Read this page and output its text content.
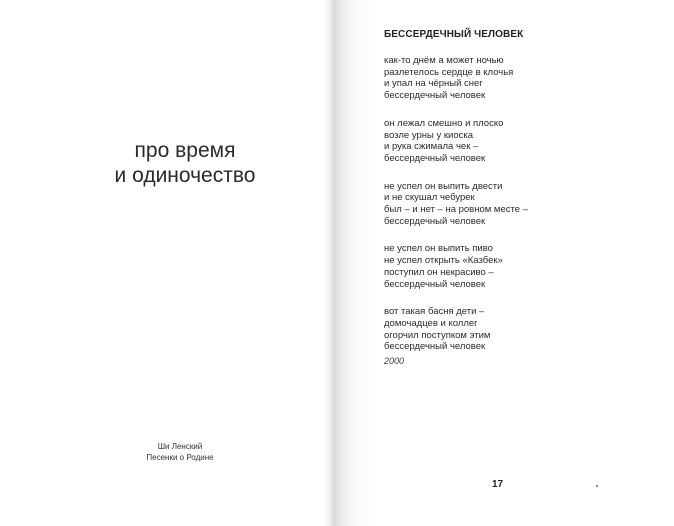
про время
и одиночество
Ши Ленский
Песенки о Родине
БЕССЕРДЕЧНЫЙ ЧЕЛОВЕК
как-то днём а может ночью
разлетелось сердце в клочья
и упал на чёрный снег
бессердечный человек
он лежал смешно и плоско
возле урны у киоска
и рука сжимала чек –
бессердечный человек
не успел он выпить двести
и не скушал чебурек
был – и нет – на ровном месте –
бессердечный человек
не успел он выпить пиво
не успел открыть «Казбек»
поступил он некрасиво –
бессердечный человек
вот такая басня дети –
домочадцев и коллег
огорчил поступком этим
бессердечный человек
2000
17
